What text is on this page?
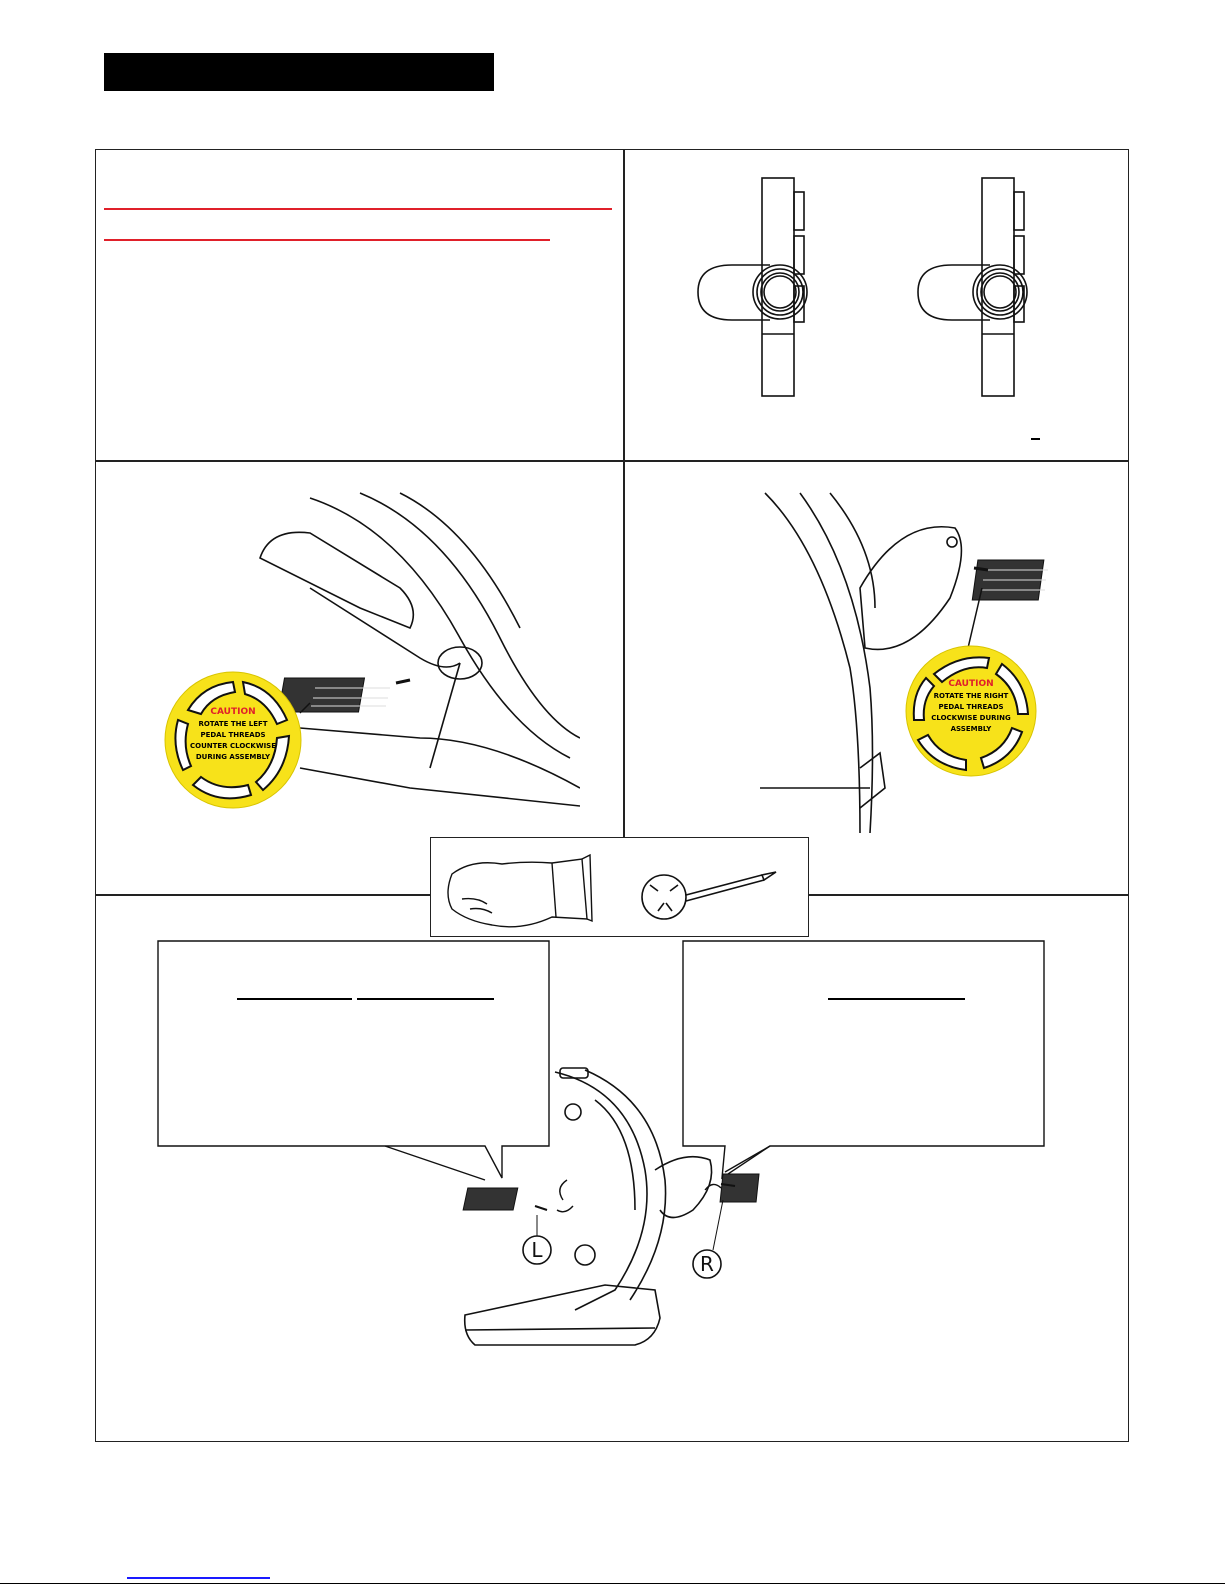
CAUTION
ROTATE THE LEFT
PEDAL THREADS
COUNTER CLOCKWISE
DURING ASSEMBLY
CAUTION
ROTATE THE RIGHT
PEDAL THREADS
CLOCKWISE DURING
ASSEMBLY
L
R
